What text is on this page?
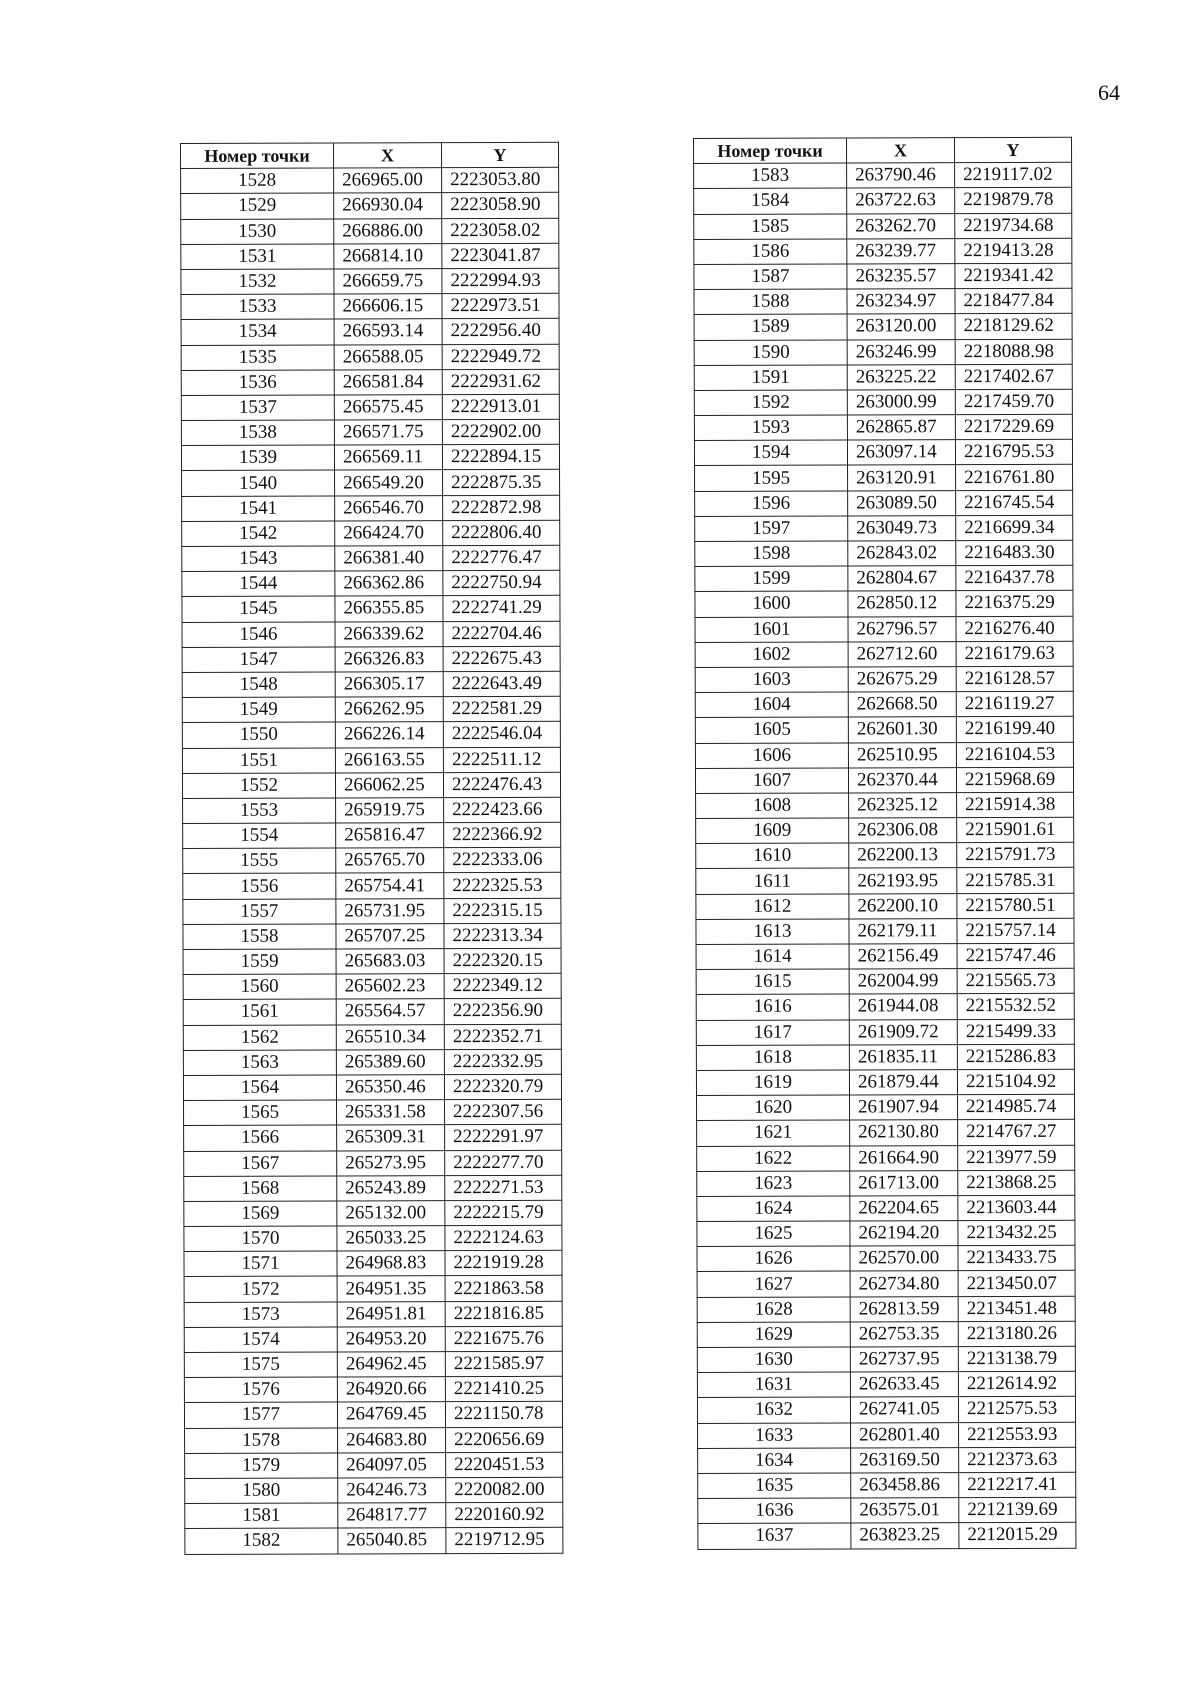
64
Номер точки	X	Y
1528	266965.00	2223053.80
1529	266930.04	2223058.90
1530	266886.00	2223058.02
1531	266814.10	2223041.87
1532	266659.75	2222994.93
1533	266606.15	2222973.51
1534	266593.14	2222956.40
1535	266588.05	2222949.72
1536	266581.84	2222931.62
1537	266575.45	2222913.01
1538	266571.75	2222902.00
1539	266569.11	2222894.15
1540	266549.20	2222875.35
1541	266546.70	2222872.98
1542	266424.70	2222806.40
1543	266381.40	2222776.47
1544	266362.86	2222750.94
1545	266355.85	2222741.29
1546	266339.62	2222704.46
1547	266326.83	2222675.43
1548	266305.17	2222643.49
1549	266262.95	2222581.29
1550	266226.14	2222546.04
1551	266163.55	2222511.12
1552	266062.25	2222476.43
1553	265919.75	2222423.66
1554	265816.47	2222366.92
1555	265765.70	2222333.06
1556	265754.41	2222325.53
1557	265731.95	2222315.15
1558	265707.25	2222313.34
1559	265683.03	2222320.15
1560	265602.23	2222349.12
1561	265564.57	2222356.90
1562	265510.34	2222352.71
1563	265389.60	2222332.95
1564	265350.46	2222320.79
1565	265331.58	2222307.56
1566	265309.31	2222291.97
1567	265273.95	2222277.70
1568	265243.89	2222271.53
1569	265132.00	2222215.79
1570	265033.25	2222124.63
1571	264968.83	2221919.28
1572	264951.35	2221863.58
1573	264951.81	2221816.85
1574	264953.20	2221675.76
1575	264962.45	2221585.97
1576	264920.66	2221410.25
1577	264769.45	2221150.78
1578	264683.80	2220656.69
1579	264097.05	2220451.53
1580	264246.73	2220082.00
1581	264817.77	2220160.92
1582	265040.85	2219712.95
Номер точки	X	Y
1583	263790.46	2219117.02
1584	263722.63	2219879.78
1585	263262.70	2219734.68
1586	263239.77	2219413.28
1587	263235.57	2219341.42
1588	263234.97	2218477.84
1589	263120.00	2218129.62
1590	263246.99	2218088.98
1591	263225.22	2217402.67
1592	263000.99	2217459.70
1593	262865.87	2217229.69
1594	263097.14	2216795.53
1595	263120.91	2216761.80
1596	263089.50	2216745.54
1597	263049.73	2216699.34
1598	262843.02	2216483.30
1599	262804.67	2216437.78
1600	262850.12	2216375.29
1601	262796.57	2216276.40
1602	262712.60	2216179.63
1603	262675.29	2216128.57
1604	262668.50	2216119.27
1605	262601.30	2216199.40
1606	262510.95	2216104.53
1607	262370.44	2215968.69
1608	262325.12	2215914.38
1609	262306.08	2215901.61
1610	262200.13	2215791.73
1611	262193.95	2215785.31
1612	262200.10	2215780.51
1613	262179.11	2215757.14
1614	262156.49	2215747.46
1615	262004.99	2215565.73
1616	261944.08	2215532.52
1617	261909.72	2215499.33
1618	261835.11	2215286.83
1619	261879.44	2215104.92
1620	261907.94	2214985.74
1621	262130.80	2214767.27
1622	261664.90	2213977.59
1623	261713.00	2213868.25
1624	262204.65	2213603.44
1625	262194.20	2213432.25
1626	262570.00	2213433.75
1627	262734.80	2213450.07
1628	262813.59	2213451.48
1629	262753.35	2213180.26
1630	262737.95	2213138.79
1631	262633.45	2212614.92
1632	262741.05	2212575.53
1633	262801.40	2212553.93
1634	263169.50	2212373.63
1635	263458.86	2212217.41
1636	263575.01	2212139.69
1637	263823.25	2212015.29
